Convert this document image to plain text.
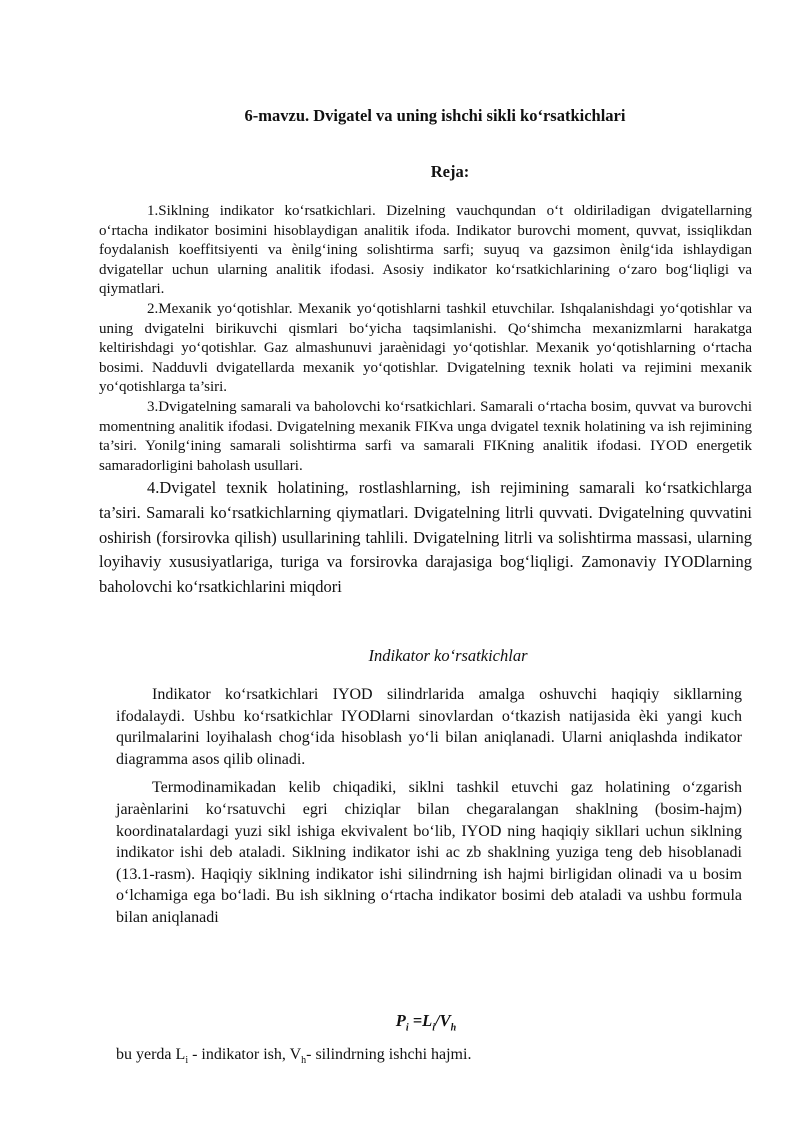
6-mavzu. Dvigatel va uning ishchi sikli ko‘rsatkichlari
Reja:

1.Siklning indikator ko‘rsatkichlari. Dizelning vauchqundan o‘t oldiriladigan dvigatellarning o‘rtacha indikator bosimini hisoblaydigan analitik ifoda. Indikator burovchi moment, quvvat, issiqlikdan foydalanish koeffitsiyenti va ènilg‘ining solishtirma sarfi; suyuq va gazsimon ènilg‘ida ishlaydigan dvigatellar uchun ularning analitik ifodasi. Asosiy indikator ko‘rsatkichlarining o‘zaro bog‘liqligi va qiymatlari.

2.Mexanik yo‘qotishlar. Mexanik yo‘qotishlarni tashkil etuvchilar. Ishqalanishdagi yo‘qotishlar va uning dvigatelni birikuvchi qismlari bo‘yicha taqsimlanishi. Qo‘shimcha mexanizmlarni harakatga keltirishdagi yo‘qotishlar. Gaz almashunuvi jaraènidagi yo‘qotishlar. Mexanik yo‘qotishlarning o‘rtacha bosimi. Nadduvli dvigatellarda mexanik yo‘qotishlar. Dvigatelning texnik holati va rejimini mexanik yo‘qotishlarga ta’siri.

3.Dvigatelning samarali va baholovchi ko‘rsatkichlari. Samarali o‘rtacha bosim, quvvat va burovchi momentning analitik ifodasi. Dvigatelning mexanik FIKva unga dvigatel texnik holatining va ish rejimining ta’siri. Yonilg‘ining samarali solishtirma sarfi va samarali FIKning analitik ifodasi. IYOD energetik samaradorligini baholash usullari.

4.Dvigatel texnik holatining, rostlashlarning, ish rejimining samarali ko‘rsatkichlarga ta’siri. Samarali ko‘rsatkichlarning qiymatlari. Dvigatelning litrli quvvati. Dvigatelning quvvatini oshirish (forsirovka qilish) usullarining tahlili. Dvigatelning litrli va solishtirma massasi, ularning loyihaviy xususiyatlariga, turiga va forsirovka darajasiga bog‘liqligi. Zamonaviy IYODlarning baholovchi ko‘rsatkichlarini miqdori

Indikator ko‘rsatkichlar

Indikator ko‘rsatkichlari IYOD silindrlarida amalga oshuvchi haqiqiy sikllarning ifodalaydi. Ushbu ko‘rsatkichlar IYODlarni sinovlardan o‘tkazish natijasida èki yangi kuch qurilmalarini loyihalash chog‘ida hisoblash yo‘li bilan aniqlanadi. Ularni aniqlashda indikator diagramma asos qilib olinadi.

Termodinamikadan kelib chiqadiki, siklni tashkil etuvchi gaz holatining o‘zgarish jaraènlarini ko‘rsatuvchi egri chiziqlar bilan chegaralangan shaklning (bosim-hajm) koordinatalardagi yuzi sikl ishiga ekvivalent bo‘lib, IYOD ning haqiqiy sikllari uchun siklning indikator ishi deb ataladi. Siklning indikator ishi ac zb shaklning yuziga teng deb hisoblanadi (13.1-rasm). Haqiqiy siklning indikator ishi silindrning ish hajmi birligidan olinadi va u bosim o‘lchamiga ega bo‘ladi. Bu ish siklning o‘rtacha indikator bosimi deb ataladi va ushbu formula bilan aniqlanadi

$P_i =L_i/V_h$
bu yerda $L_i$ - indikator ish, $V_h-$ silindrning ishchi hajmi.
